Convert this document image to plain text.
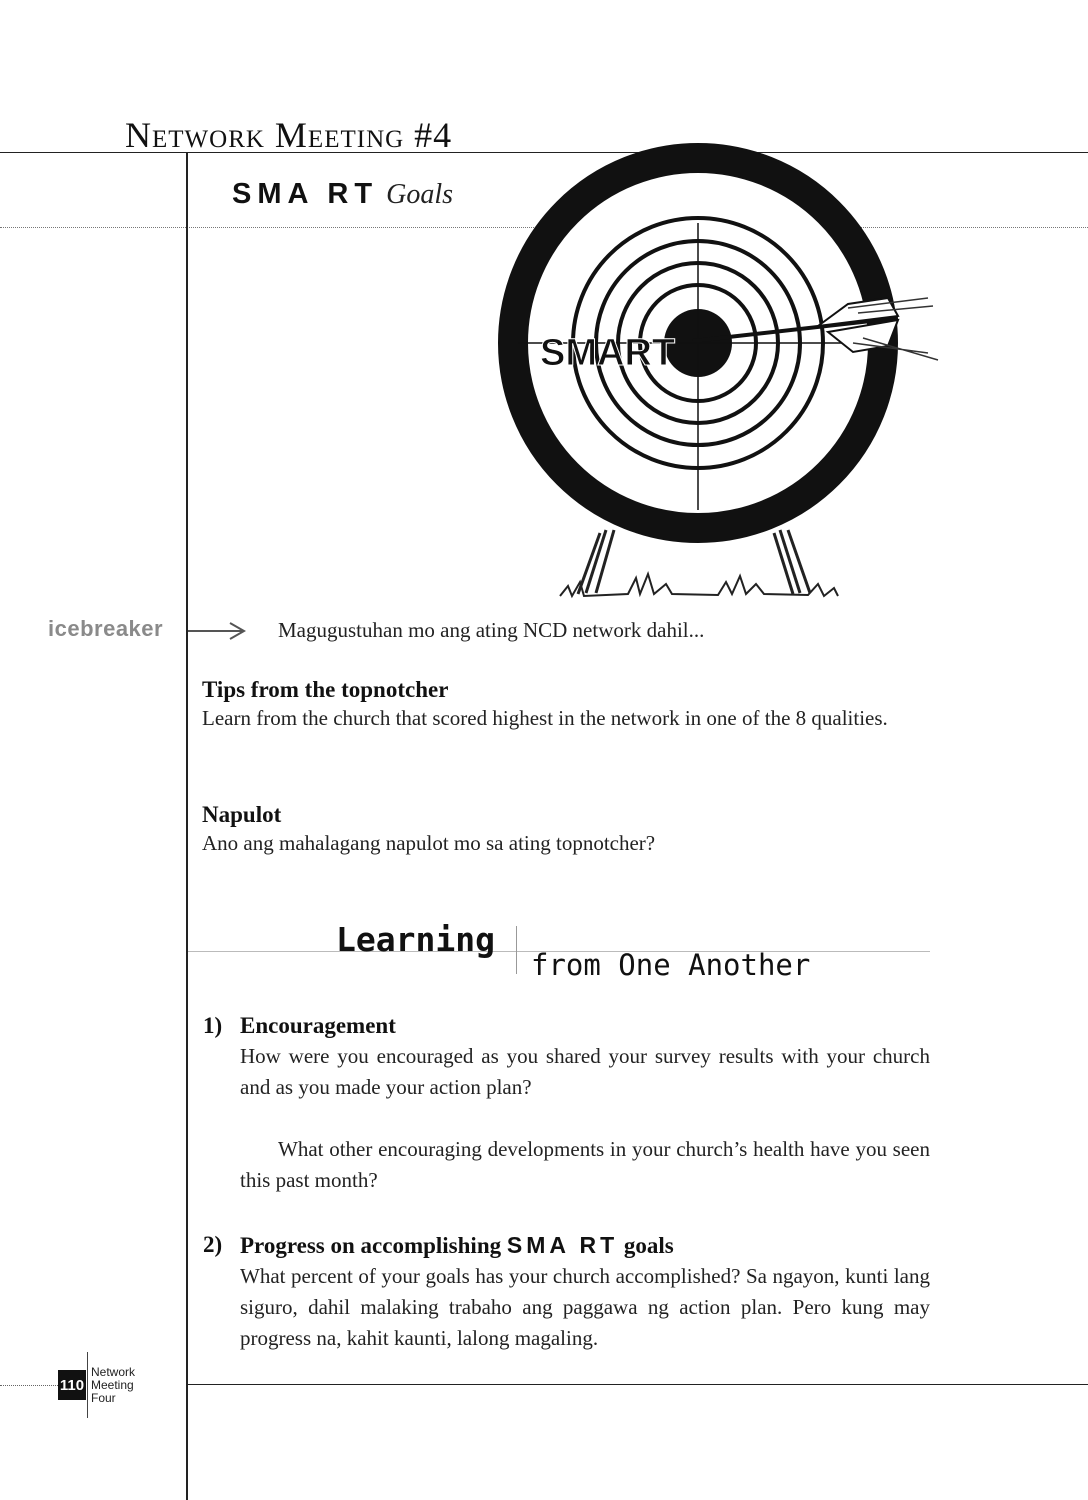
Network Meeting #4
SMA RT Goals
SMART
icebreaker	Magugustuhan mo ang ating NCD network dahil...
Tips from the topnotcher

Learn from the church that scored highest in the network in one of the 8 qualities.

Napulot

Ano ang mahalagang napulot mo sa ating topnotcher?

Learning
from One Another
1) Encouragement

How were you encouraged as you shared your survey results with your church and as you made your action plan?

What other encouraging developments in your church’s health have you seen this past month?

2) Progress on accomplishing SMA RT goals

What percent of your goals has your church accomplished? Sa ngayon, kunti lang siguro, dahil malaking trabaho ang paggawa ng action plan. Pero kung may progress na, kahit kaunti, lalong magaling.

110
Network
Meeting
Four
